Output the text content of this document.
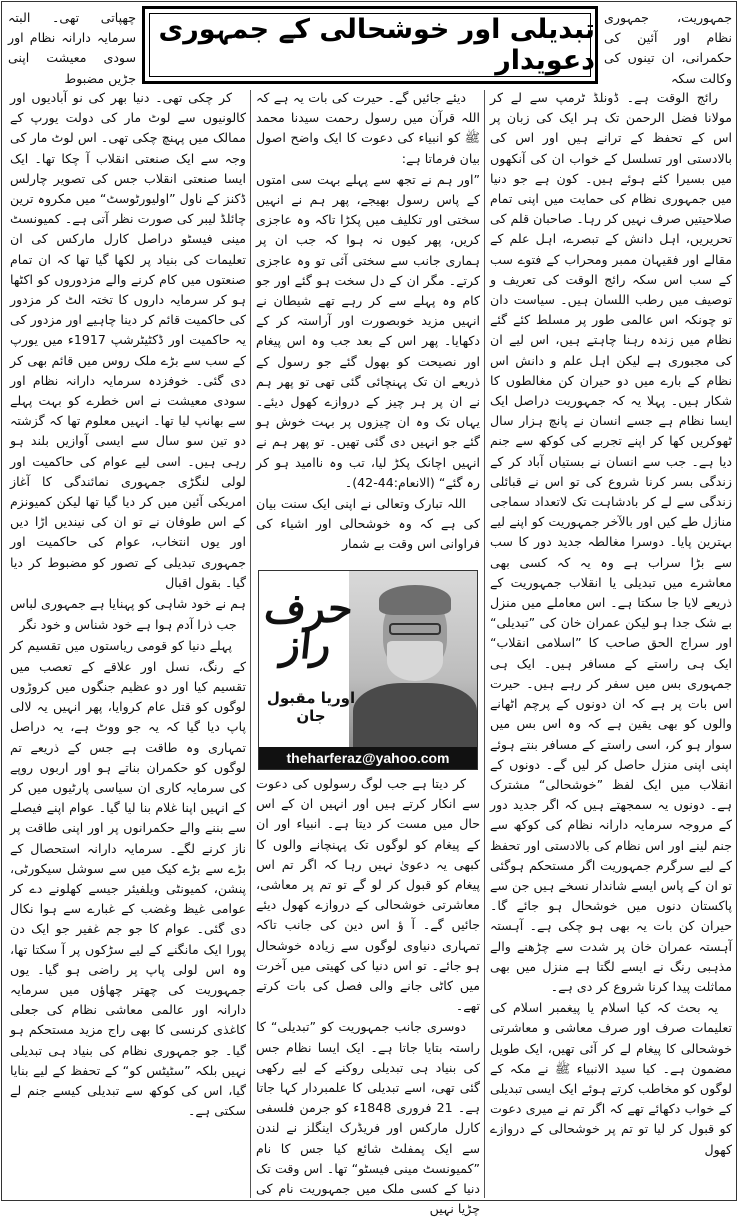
جمہوریت، جمہوری نظام اور آئین کی حکمرانی، ان تینوں کی وکالت سکہ
تبدیلی اور خوشحالی کے جمہوری دعویدار
چھپاتی تھی۔ البتہ سرمایہ دارانہ نظام اور سودی معیشت اپنی جڑیں مضبوط

رائج الوقت ہے۔ ڈونلڈ ٹرمپ سے لے کر مولانا فضل الرحمن تک ہر ایک کی زبان پر اس کے تحفظ کے ترانے ہیں اور اس کی بالادستی اور تسلسل کے خواب ان کی آنکھوں میں بسیرا کئے ہوئے ہیں۔ کون ہے جو دنیا میں جمہوری نظام کی حمایت میں اپنی تمام صلاحیتیں صرف نہیں کر رہا۔ صاحبان قلم کی تحریریں، اہل دانش کے تبصرے، اہل علم کے مقالے اور فقیہان ممبر ومحراب کے فتوے سب کے سب اس سکہ رائج الوقت کی تعریف و توصیف میں رطب اللسان ہیں۔ سیاست دان تو چونکہ اس عالمی طور پر مسلط کئے گئے نظام میں زندہ رہنا چاہتے ہیں، اس لیے ان کی مجبوری ہے لیکن اہل علم و دانش اس نظام کے بارے میں دو حیران کن مغالطوں کا شکار ہیں۔ پہلا یہ کہ جمہوریت دراصل ایک ایسا نظام ہے جسے انسان نے پانچ ہزار سال ٹھوکریں کھا کر اپنے تجربے کی کوکھ سے جنم دیا ہے۔ جب سے انسان نے بستیاں آباد کر کے زندگی بسر کرنا شروع کی تو اس نے قبائلی زندگی سے لے کر بادشاہت تک لاتعداد سماجی منازل طے کیں اور بالآخر جمہوریت کو اپنے لیے بہترین پایا۔ دوسرا مغالطہ جدید دور کا سب سے بڑا سراب ہے وہ یہ کہ کسی بھی معاشرے میں تبدیلی یا انقلاب جمہوریت کے ذریعے لایا جا سکتا ہے۔ اس معاملے میں منزل بے شک جدا ہو لیکن عمران خان کی ”تبدیلی“ اور سراج الحق صاحب کا ”اسلامی انقلاب“ ایک ہی راستے کے مسافر ہیں۔ ایک ہی جمہوری بس میں سفر کر رہے ہیں۔ حیرت اس بات پر ہے کہ ان دونوں کے پرچم اٹھانے والوں کو بھی یقین ہے کہ وہ اس بس میں سوار ہو کر، اسی راستے کے مسافر بنتے ہوئے اپنی اپنی منزل حاصل کر لیں گے۔ دونوں کے انقلاب میں ایک لفظ ”خوشحالی“ مشترک ہے۔ دونوں یہ سمجھتے ہیں کہ اگر جدید دور کے مروجہ سرمایہ دارانہ نظام کی کوکھ سے جنم لینے اور اس نظام کی بالادستی اور تحفظ کے لیے سرگرم جمہوریت اگر مستحکم ہوگئی تو ان کے پاس ایسے شاندار نسخے ہیں جن سے پاکستان دنوں میں خوشحال ہو جائے گا۔ حیران کن بات یہ بھی ہو چکی ہے۔ آہستہ آہستہ عمران خان پر شدت سے چڑھنے والے مذہبی رنگ نے ایسے لگتا ہے منزل میں بھی مماثلت پیدا کرنا شروع کر دی ہے۔

یہ بحث کہ کیا اسلام یا پیغمبر اسلام کی تعلیمات صرف اور صرف معاشی و معاشرتی خوشحالی کا پیغام لے کر آئی تھیں، ایک طویل مضمون ہے۔ کیا سید الانبیاء ﷺ نے مکہ کے لوگوں کو مخاطب کرتے ہوئے ایک ایسی تبدیلی کے خواب دکھائے تھے کہ اگر تم نے میری دعوت کو قبول کر لیا تو تم پر خوشحالی کے دروازے کھول

دیئے جائیں گے۔ حیرت کی بات یہ ہے کہ اللہ قرآن میں رسول رحمت سیدنا محمد ﷺ کو انبیاء کی دعوت کا ایک واضح اصول بیان فرماتا ہے:

”اور ہم نے تجھ سے پہلے بہت سی امتوں کے پاس رسول بھیجے، پھر ہم نے انہیں سختی اور تکلیف میں پکڑا تاکہ وہ عاجزی کریں، پھر کیوں نہ ہوا کہ جب ان پر ہماری جانب سے سختی آئی تو وہ عاجزی کرتے۔ مگر ان کے دل سخت ہو گئے اور جو کام وہ پہلے سے کر رہے تھے شیطان نے انہیں مزید خوبصورت اور آراستہ کر کے دکھایا۔ پھر اس کے بعد جب وہ اس پیغام اور نصیحت کو بھول گئے جو رسول کے ذریعے ان تک پہنچائی گئی تھی تو پھر ہم نے ان پر ہر چیز کے دروازے کھول دیئے۔ یہاں تک وہ ان چیزوں پر بہت خوش ہو گئے جو انہیں دی گئی تھیں۔ تو پھر ہم نے انہیں اچانک پکڑ لیا، تب وہ ناامید ہو کر رہ گئے“ (الانعام:44-42)۔

اللہ تبارک وتعالی نے اپنی ایک سنت بیان کی ہے کہ وہ خوشحالی اور اشیاء کی فراوانی اس وقت بے شمار

حرف راز
اوریا مقبول جان
theharferaz@yahoo.com

کر دیتا ہے جب لوگ رسولوں کی دعوت سے انکار کرتے ہیں اور انہیں ان کے اس حال میں مست کر دیتا ہے۔ انبیاء اور ان کے پیغام کو لوگوں تک پہنچانے والوں کا کبھی یہ دعویٰ نہیں رہا کہ اگر تم اس پیغام کو قبول کر لو گے تو تم پر معاشی، معاشرتی خوشحالی کے دروازے کھول دیئے جائیں گے۔ آ ؤ اس دین کی جانب تاکہ تمہاری دنیاوی لوگوں سے زیادہ خوشحال ہو جائے۔ تو اس دنیا کی کھیتی میں آخرت میں کاٹی جانے والی فصل کی بات کرتے تھے۔

دوسری جانب جمہوریت کو ”تبدیلی“ کا راستہ بتایا جاتا ہے۔ ایک ایسا نظام جس کی بنیاد ہی تبدیلی روکنے کے لیے رکھی گئی تھی، اسے تبدیلی کا علمبردار کہا جاتا ہے۔ 21 فروری 1848ء کو جرمن فلسفی کارل مارکس اور فریڈرک اینگلز نے لندن سے ایک پمفلٹ شائع کیا جس کا نام ”کمیونسٹ مینی فیسٹو“ تھا۔ اس وقت تک دنیا کے کسی ملک میں جمہوریت نام کی چڑیا نہیں

کر چکی تھی۔ دنیا بھر کی نو آبادیوں اور کالونیوں سے لوٹ مار کی دولت یورپ کے ممالک میں پہنچ چکی تھی۔ اس لوٹ مار کی وجہ سے ایک صنعتی انقلاب آ چکا تھا۔ ایک ایسا صنعتی انقلاب جس کی تصویر چارلس ڈکنز کے ناول ”اولیورٹوسٹ“ میں مکروہ ترین چائلڈ لیبر کی صورت نظر آتی ہے۔ کمیونسٹ مینی فیسٹو دراصل کارل مارکس کی ان تعلیمات کی بنیاد پر لکھا گیا تھا کہ ان تمام صنعتوں میں کام کرنے والے مزدوروں کو اکٹھا ہو کر سرمایہ داروں کا تختہ الٹ کر مزدور کی حاکمیت قائم کر دینا چاہیے اور مزدور کی یہ حاکمیت اور ڈکٹیٹرشپ 1917ء میں یورپ کے سب سے بڑے ملک روس میں قائم بھی کر دی گئی۔ خوفزدہ سرمایہ دارانہ نظام اور سودی معیشت نے اس خطرے کو بہت پہلے سے بھانپ لیا تھا۔ انہیں معلوم تھا کہ گزشتہ دو تین سو سال سے ایسی آوازیں بلند ہو رہی ہیں۔ اسی لیے عوام کی حاکمیت اور لولی لنگڑی جمہوری نمائندگی کا آغاز امریکی آئین میں کر دیا گیا تھا لیکن کمیونزم کے اس طوفان نے تو ان کی نیندیں اڑا دیں اور یوں انتخاب، عوام کی حاکمیت اور جمہوری تبدیلی کے تصور کو مضبوط کر دیا گیا۔ بقول اقبال

ہم نے خود شاہی کو پہنایا ہے جمہوری لباس

جب ذرا آدم ہوا ہے خود شناس و خود نگر

پہلے دنیا کو قومی ریاستوں میں تقسیم کر کے رنگ، نسل اور علاقے کے تعصب میں تقسیم کیا اور دو عظیم جنگوں میں کروڑوں لوگوں کو قتل عام کروایا، پھر انہیں یہ لالی پاپ دیا گیا کہ یہ جو ووٹ ہے، یہ دراصل تمہاری وہ طاقت ہے جس کے ذریعے تم لوگوں کو حکمران بناتے ہو اور اربوں روپے کی سرمایہ کاری ان سیاسی پارٹیوں میں کر کے انہیں اپنا غلام بنا لیا گیا۔ عوام اپنے فیصلے سے بننے والے حکمرانوں پر اور اپنی طاقت پر ناز کرنے لگے۔ سرمایہ دارانہ استحصال کے بڑے سے بڑے کیک میں سے سوشل سیکورٹی، پنشن، کمیونٹی ویلفیئر جیسے کھلونے دے کر عوامی غیظ وغضب کے غبارے سے ہوا نکال دی گئی۔ عوام کا جو جم غفیر جو ایک دن پورا ایک مانگنے کے لیے سڑکوں پر آ سکتا تھا، وہ اس لولی پاپ پر راضی ہو گیا۔ یوں جمہوریت کی چھتر چھاؤں میں سرمایہ دارانہ اور عالمی معاشی نظام کی جعلی کاغذی کرنسی کا بھی راج مزید مستحکم ہو گیا۔ جو جمہوری نظام کی بنیاد ہی تبدیلی نہیں بلکہ ”سٹیٹس کو“ کے تحفظ کے لیے بنایا گیا، اس کی کوکھ سے تبدیلی کیسے جنم لے سکتی ہے۔
